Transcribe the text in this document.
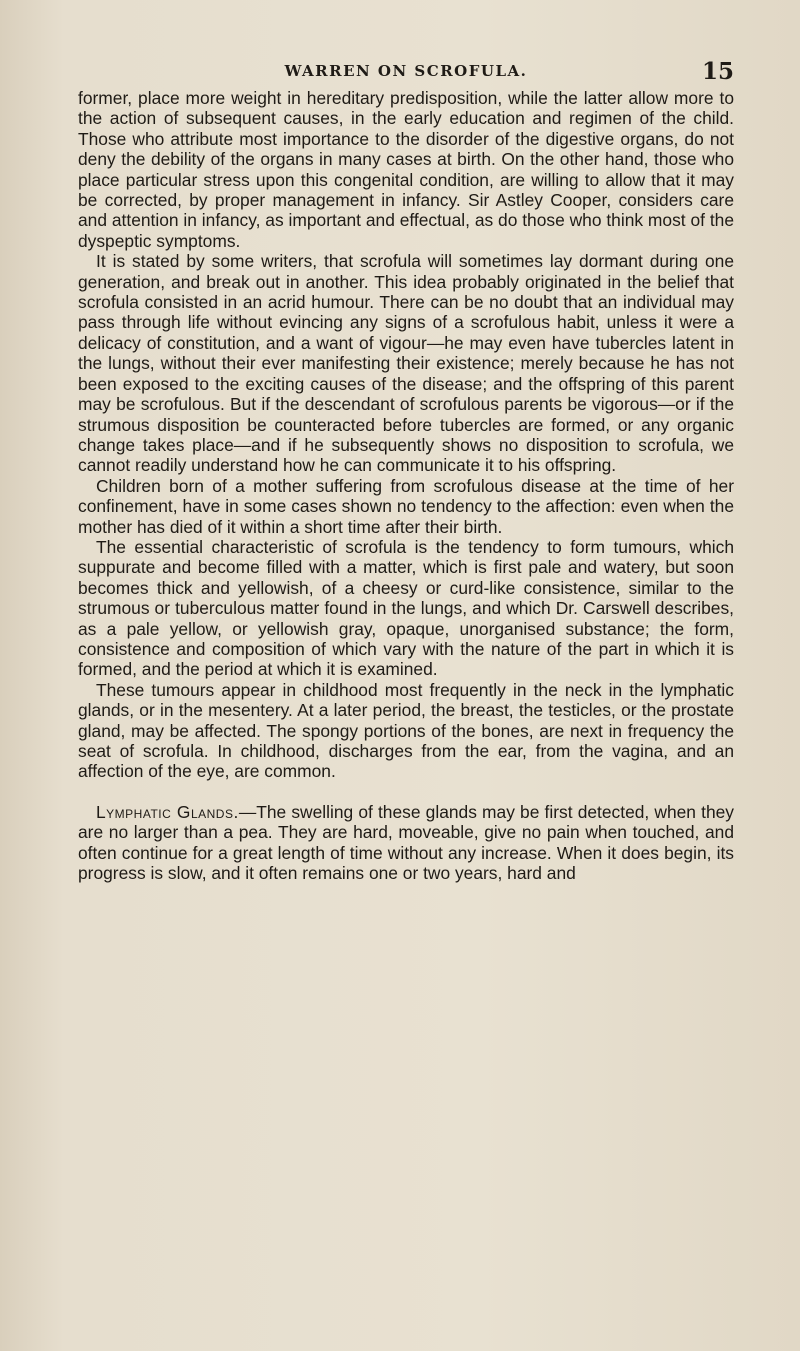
WARREN ON SCROFULA.	15

former, place more weight in hereditary predisposition, while the latter allow more to the action of subsequent causes, in the early education and regimen of the child. Those who attribute most importance to the disorder of the digestive organs, do not deny the debility of the organs in many cases at birth. On the other hand, those who place particular stress upon this congenital condition, are willing to allow that it may be corrected, by proper management in infancy. Sir Astley Cooper, considers care and attention in infancy, as important and effectual, as do those who think most of the dyspeptic symptoms.

It is stated by some writers, that scrofula will sometimes lay dormant during one generation, and break out in another. This idea probably originated in the belief that scrofula consisted in an acrid humour. There can be no doubt that an individual may pass through life without evincing any signs of a scrofulous habit, unless it were a delicacy of constitution, and a want of vigour—he may even have tubercles latent in the lungs, without their ever manifesting their existence; merely because he has not been exposed to the exciting causes of the disease; and the offspring of this parent may be scrofulous. But if the descendant of scrofulous parents be vigorous—or if the strumous disposition be counteracted before tubercles are formed, or any organic change takes place—and if he subsequently shows no disposition to scrofula, we cannot readily understand how he can communicate it to his offspring.

Children born of a mother suffering from scrofulous disease at the time of her confinement, have in some cases shown no tendency to the affection: even when the mother has died of it within a short time after their birth.

The essential characteristic of scrofula is the tendency to form tumours, which suppurate and become filled with a matter, which is first pale and watery, but soon becomes thick and yellowish, of a cheesy or curd-like consistence, similar to the strumous or tuberculous matter found in the lungs, and which Dr. Carswell describes, as a pale yellow, or yellowish gray, opaque, unorganised substance; the form, consistence and composition of which vary with the nature of the part in which it is formed, and the period at which it is examined.

These tumours appear in childhood most frequently in the neck in the lymphatic glands, or in the mesentery. At a later period, the breast, the testicles, or the prostate gland, may be affected. The spongy portions of the bones, are next in frequency the seat of scrofula. In childhood, discharges from the ear, from the vagina, and an affection of the eye, are common.

Lymphatic Glands.—The swelling of these glands may be first detected, when they are no larger than a pea. They are hard, moveable, give no pain when touched, and often continue for a great length of time without any increase. When it does begin, its progress is slow, and it often remains one or two years, hard and
